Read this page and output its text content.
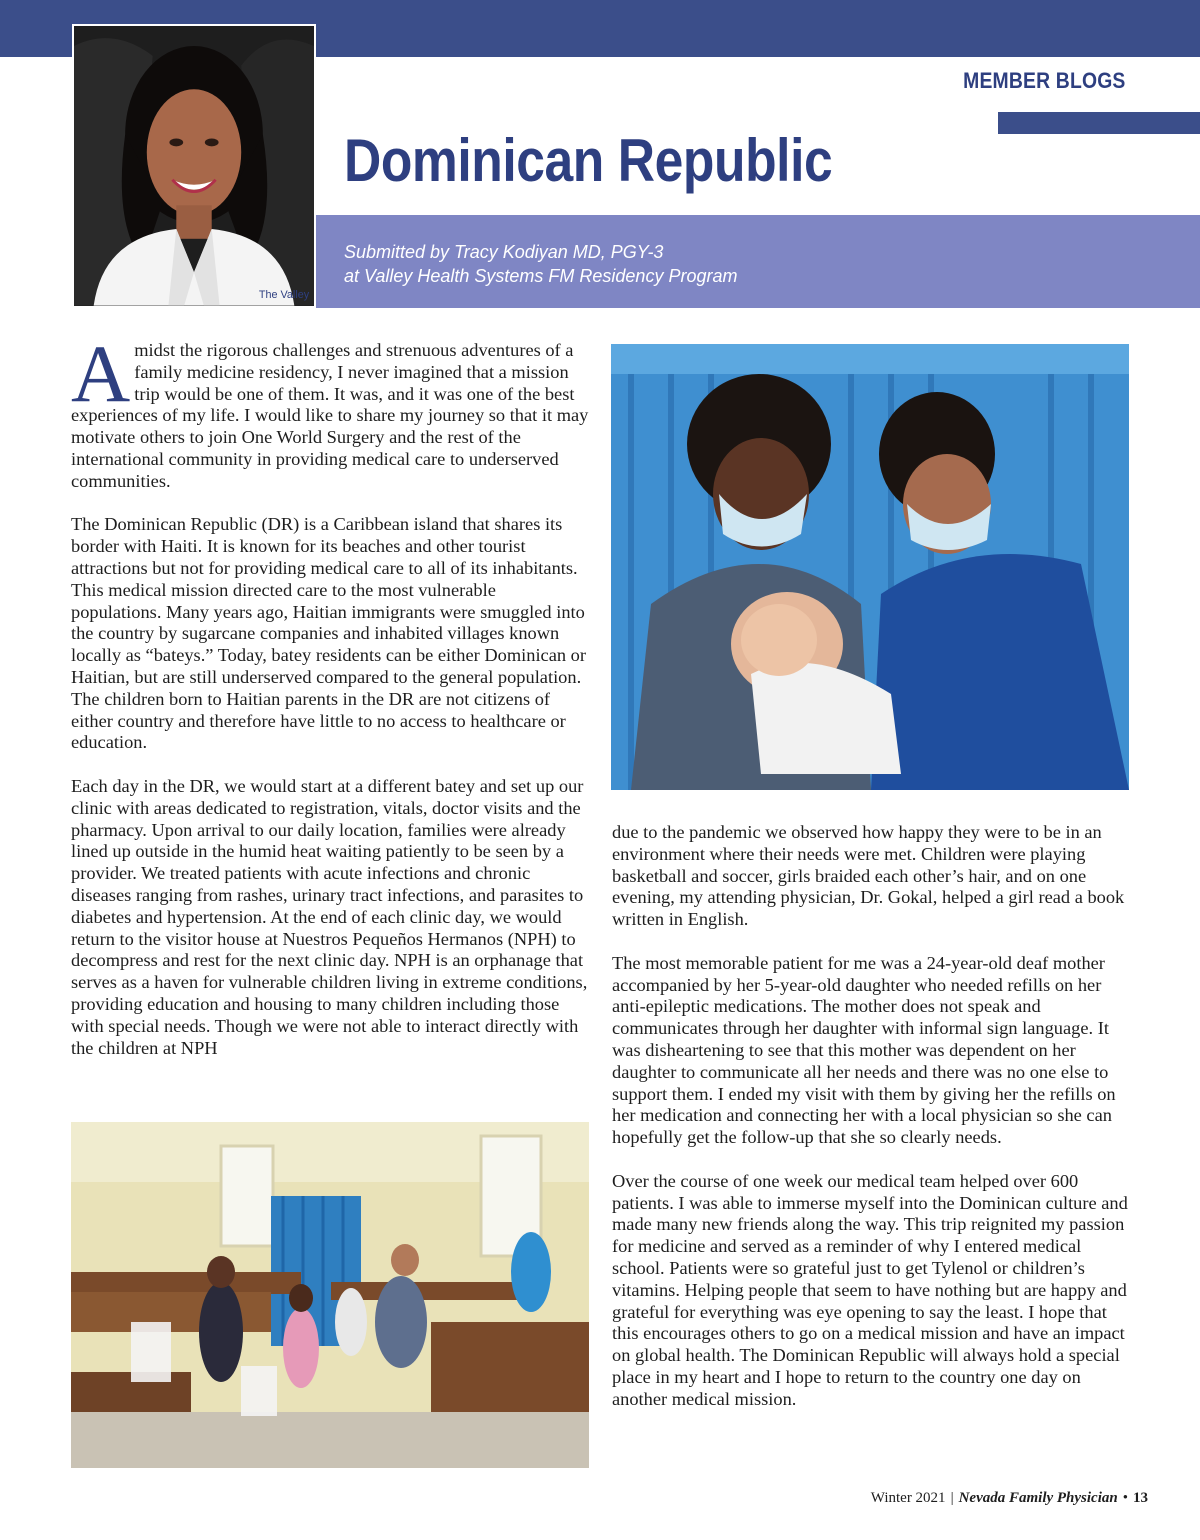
The Valley

MEMBER BLOGS

Dominican Republic

Submitted by Tracy Kodiyan MD, PGY-3
at Valley Health Systems FM Residency Program

Amidst the rigorous challenges and strenuous adventures of a family medicine residency, I never imagined that a mission trip would be one of them. It was, and it was one of the best experiences of my life. I would like to share my journey so that it may motivate others to join One World Surgery and the rest of the international community in providing medical care to underserved communities.

The Dominican Republic (DR) is a Caribbean island that shares its border with Haiti. It is known for its beaches and other tourist attractions but not for providing medical care to all of its inhabitants. This medical mission directed care to the most vulnerable populations. Many years ago, Haitian immigrants were smuggled into the country by sugarcane companies and inhabited villages known locally as “bateys.” Today, batey residents can be either Dominican or Haitian, but are still underserved compared to the general population. The children born to Haitian parents in the DR are not citizens of either country and therefore have little to no access to healthcare or education.

Each day in the DR, we would start at a different batey and set up our clinic with areas dedicated to registration, vitals, doctor visits and the pharmacy. Upon arrival to our daily location, families were already lined up outside in the humid heat waiting patiently to be seen by a provider. We treated patients with acute infections and chronic diseases ranging from rashes, urinary tract infections, and parasites to diabetes and hypertension. At the end of each clinic day, we would return to the visitor house at Nuestros Pequeños Hermanos (NPH) to decompress and rest for the next clinic day. NPH is an orphanage that serves as a haven for vulnerable children living in extreme conditions, providing education and housing to many children including those with special needs. Though we were not able to interact directly with the children at NPH

due to the pandemic we observed how happy they were to be in an environment where their needs were met. Children were playing basketball and soccer, girls braided each other’s hair, and on one evening, my attending physician, Dr. Gokal, helped a girl read a book written in English.

The most memorable patient for me was a 24-year-old deaf mother accompanied by her 5-year-old daughter who needed refills on her anti-epileptic medications. The mother does not speak and communicates through her daughter with informal sign language. It was disheartening to see that this mother was dependent on her daughter to communicate all her needs and there was no one else to support them. I ended my visit with them by giving her the refills on her medication and connecting her with a local physician so she can hopefully get the follow-up that she so clearly needs.

Over the course of one week our medical team helped over 600 patients. I was able to immerse myself into the Dominican culture and made many new friends along the way. This trip reignited my passion for medicine and served as a reminder of why I entered medical school. Patients were so grateful just to get Tylenol or children’s vitamins. Helping people that seem to have nothing but are happy and grateful for everything was eye opening to say the least. I hope that this encourages others to go on a medical mission and have an impact on global health. The Dominican Republic will always hold a special place in my heart and I hope to return to the country one day on another medical mission.

Winter 2021 | Nevada Family Physician • 13
